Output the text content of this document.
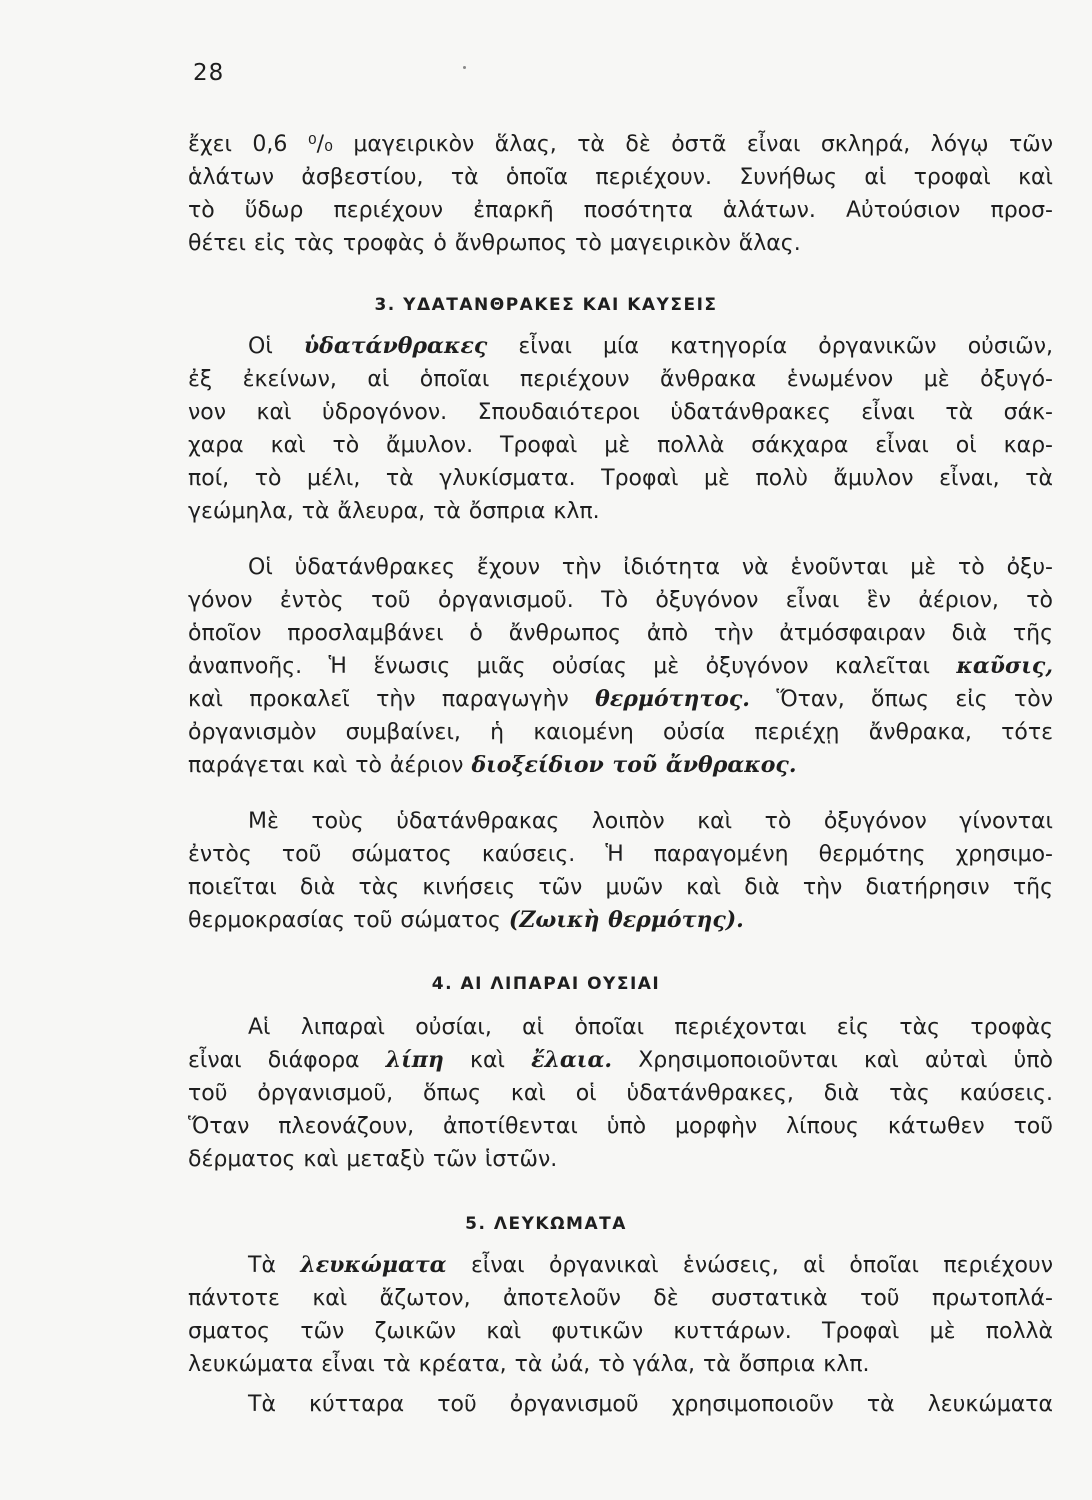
28

ἔχει 0,6 ⁰/₀ μαγειρικὸν ἅλας, τὰ δὲ ὀστᾶ εἶναι σκληρά, λόγῳ τῶν
ἁλάτων ἀσβεστίου, τὰ ὁποῖα περιέχουν. Συνήθως αἱ τροφαὶ καὶ
τὸ ὕδωρ περιέχουν ἐπαρκῆ ποσότητα ἁλάτων. Αὐτούσιον προσ-
θέτει εἰς τὰς τροφὰς ὁ ἄνθρωπος τὸ μαγειρικὸν ἅλας.

3. ΥΔΑΤΑΝΘΡΑΚΕΣ ΚΑΙ ΚΑΥΣΕΙΣ

Οἱ ὑδατάνθρακες εἶναι μία κατηγορία ὀργανικῶν οὐσιῶν,
ἐξ ἐκείνων, αἱ ὁποῖαι περιέχουν ἄνθρακα ἑνωμένον μὲ ὀξυγό-
νον καὶ ὑδρογόνον. Σπουδαιότεροι ὑδατάνθρακες εἶναι τὰ σάκ-
χαρα καὶ τὸ ἄμυλον. Τροφαὶ μὲ πολλὰ σάκχαρα εἶναι οἱ καρ-
ποί, τὸ μέλι, τὰ γλυκίσματα. Τροφαὶ μὲ πολὺ ἄμυλον εἶναι, τὰ
γεώμηλα, τὰ ἄλευρα, τὰ ὄσπρια κλπ.

Οἱ ὑδατάνθρακες ἔχουν τὴν ἰδιότητα νὰ ἑνοῦνται μὲ τὸ ὀξυ-
γόνον ἐντὸς τοῦ ὀργανισμοῦ. Τὸ ὀξυγόνον εἶναι ἓν ἀέριον, τὸ
ὁποῖον προσλαμβάνει ὁ ἄνθρωπος ἀπὸ τὴν ἀτμόσφαιραν διὰ τῆς
ἀναπνοῆς. Ἡ ἕνωσις μιᾶς οὐσίας μὲ ὀξυγόνον καλεῖται καῦσις,
καὶ προκαλεῖ τὴν παραγωγὴν θερμότητος. Ὅταν, ὅπως εἰς τὸν
ὀργανισμὸν συμβαίνει, ἡ καιομένη οὐσία περιέχῃ ἄνθρακα, τότε
παράγεται καὶ τὸ ἀέριον διοξείδιον τοῦ ἄνθρακος.

Μὲ τοὺς ὑδατάνθρακας λοιπὸν καὶ τὸ ὀξυγόνον γίνονται
ἐντὸς τοῦ σώματος καύσεις. Ἡ παραγομένη θερμότης χρησιμο-
ποιεῖται διὰ τὰς κινήσεις τῶν μυῶν καὶ διὰ τὴν διατήρησιν τῆς
θερμοκρασίας τοῦ σώματος (Ζωικὴ θερμότης).

4. ΑΙ ΛΙΠΑΡΑΙ ΟΥΣΙΑΙ

Αἱ λιπαραὶ οὐσίαι, αἱ ὁποῖαι περιέχονται εἰς τὰς τροφὰς
εἶναι διάφορα λίπη καὶ ἔλαια. Χρησιμοποιοῦνται καὶ αὐταὶ ὑπὸ
τοῦ ὀργανισμοῦ, ὅπως καὶ οἱ ὑδατάνθρακες, διὰ τὰς καύσεις.
Ὅταν πλεονάζουν, ἀποτίθενται ὑπὸ μορφὴν λίπους κάτωθεν τοῦ
δέρματος καὶ μεταξὺ τῶν ἱστῶν.

5. ΛΕΥΚΩΜΑΤΑ

Τὰ λευκώματα εἶναι ὀργανικαὶ ἑνώσεις, αἱ ὁποῖαι περιέχουν
πάντοτε καὶ ἄζωτον, ἀποτελοῦν δὲ συστατικὰ τοῦ πρωτοπλά-
σματος τῶν ζωικῶν καὶ φυτικῶν κυττάρων. Τροφαὶ μὲ πολλὰ
λευκώματα εἶναι τὰ κρέατα, τὰ ὠά, τὸ γάλα, τὰ ὄσπρια κλπ.

Τὰ κύτταρα τοῦ ὀργανισμοῦ χρησιμοποιοῦν τὰ λευκώματα
